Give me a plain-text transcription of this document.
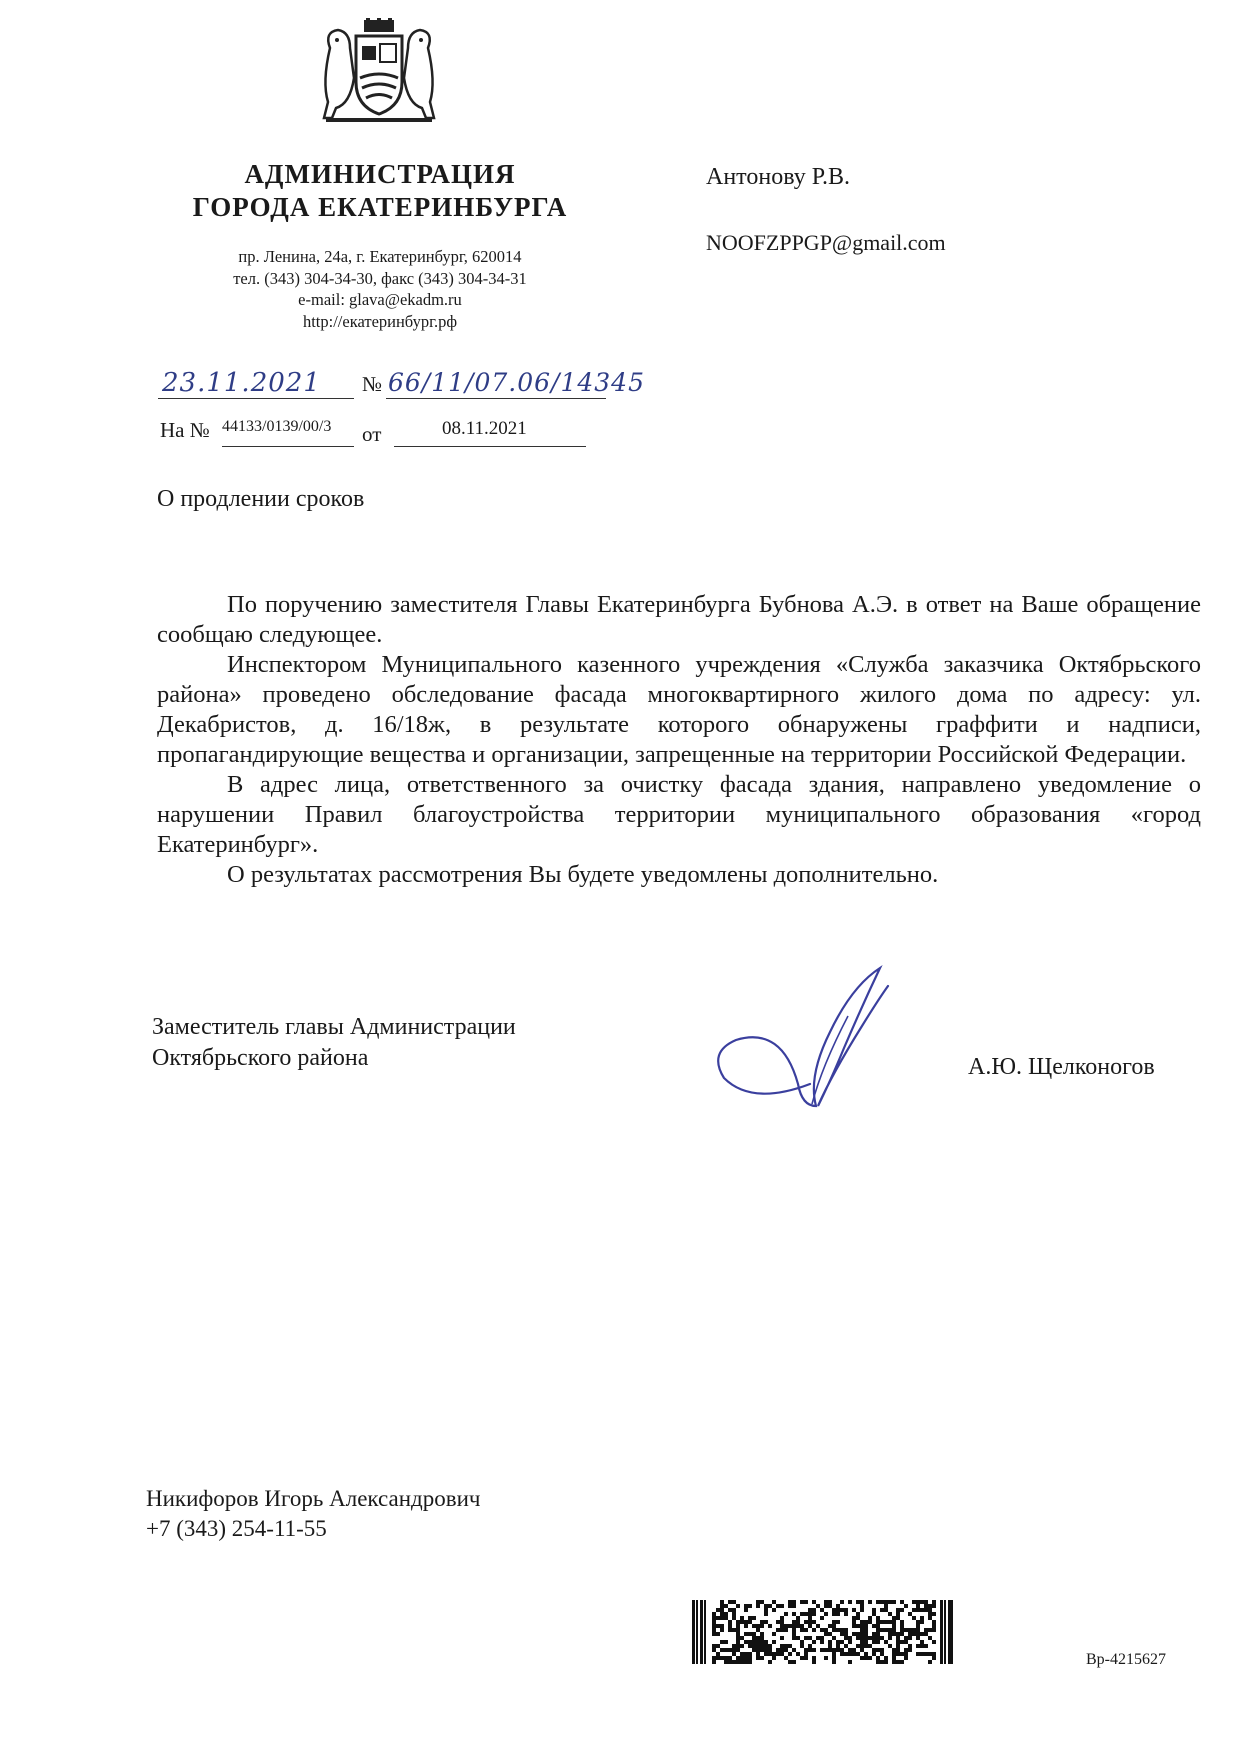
АДМИНИСТРАЦИЯ
ГОРОДА ЕКАТЕРИНБУРГА
пр. Ленина, 24а, г. Екатеринбург, 620014
тел. (343) 304-34-30, факс (343) 304-34-31
e-mail: glava@ekadm.ru
http://екатеринбург.рф
Антонову Р.В.
NOOFZPPGP@gmail.com
23.11.2021	№ 66/11/07.06/14345
На № 44133/0139/00/3 от	08.11.2021
О продлении сроков

По поручению заместителя Главы Екатеринбурга Бубнова А.Э. в ответ на Ваше обращение сообщаю следующее.

Инспектором Муниципального казенного учреждения «Служба заказчика Октябрьского района» проведено обследование фасада многоквартирного жилого дома по адресу: ул. Декабристов, д. 16/18ж, в результате которого обнаружены граффити и надписи, пропагандирующие вещества и организации, запрещенные на территории Российской Федерации.

В адрес лица, ответственного за очистку фасада здания, направлено уведомление о нарушении Правил благоустройства территории муниципального образования «город Екатеринбург».

О результатах рассмотрения Вы будете уведомлены дополнительно.

Заместитель главы Администрации
Октябрьского района	А.Ю. Щелконогов
Никифоров Игорь Александрович
+7 (343) 254-11-55
Вр-4215627
